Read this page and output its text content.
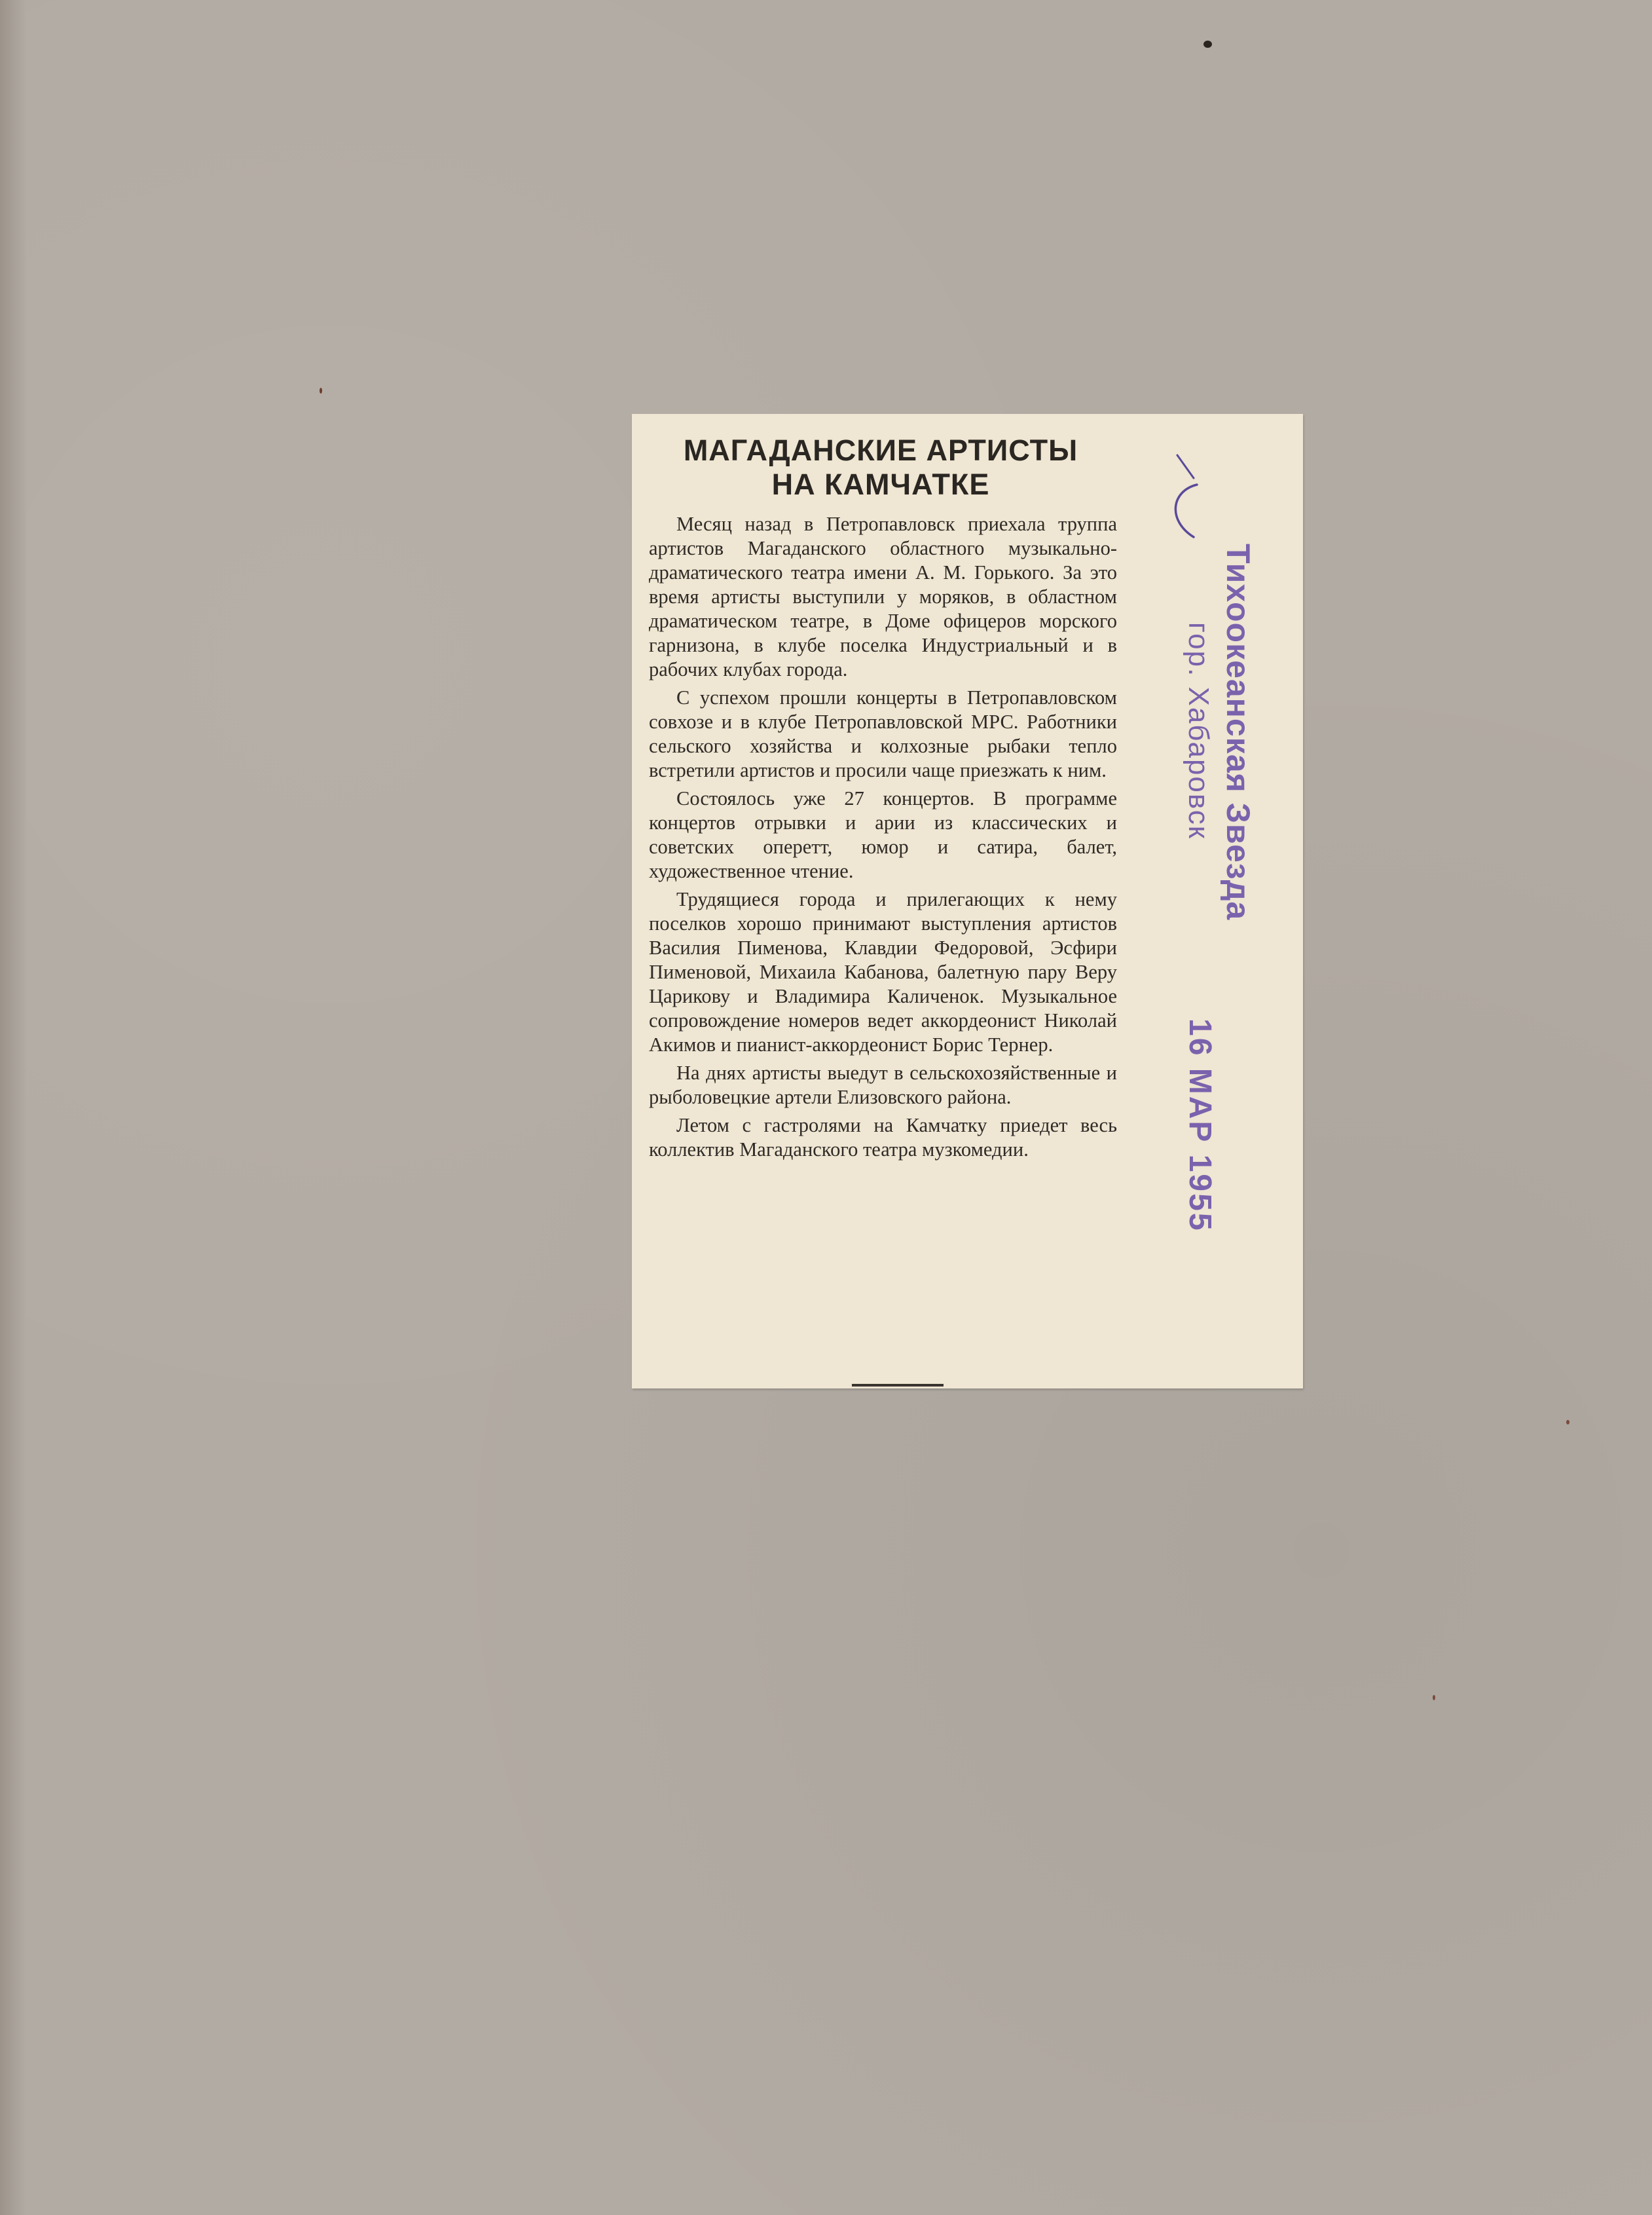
МАГАДАНСКИЕ АРТИСТЫ
НА КАМЧАТКЕ

Месяц назад в Петропавловск приехала труппа артистов Магаданского областного музыкально-драматического театра имени А. М. Горького. За это время артисты выступили у моряков, в областном драматическом театре, в Доме офицеров морского гарнизона, в клубе поселка Индустриальный и в рабочих клубах города.

С успехом прошли концерты в Петропавловском совхозе и в клубе Петропавловской МРС. Работники сельского хозяйства и колхозные рыбаки тепло встретили артистов и просили чаще приезжать к ним.

Состоялось уже 27 концертов. В программе концертов отрывки и арии из классических и советских оперетт, юмор и сатира, балет, художественное чтение.

Трудящиеся города и прилегающих к нему поселков хорошо принимают выступления артистов Василия Пименова, Клавдии Федоровой, Эсфири Пименовой, Михаила Кабанова, балетную пару Веру Царикову и Владимира Каличенок. Музыкальное сопровождение номеров ведет аккордеонист Николай Акимов и пианист-аккордеонист Борис Тернер.

На днях артисты выедут в сельскохозяйственные и рыболовецкие артели Елизовского района.

Летом с гастролями на Камчатку приедет весь коллектив Магаданского театра музкомедии.

Тихоокеанская Звезда
гор. Хабаровск
16 МАР 1955
